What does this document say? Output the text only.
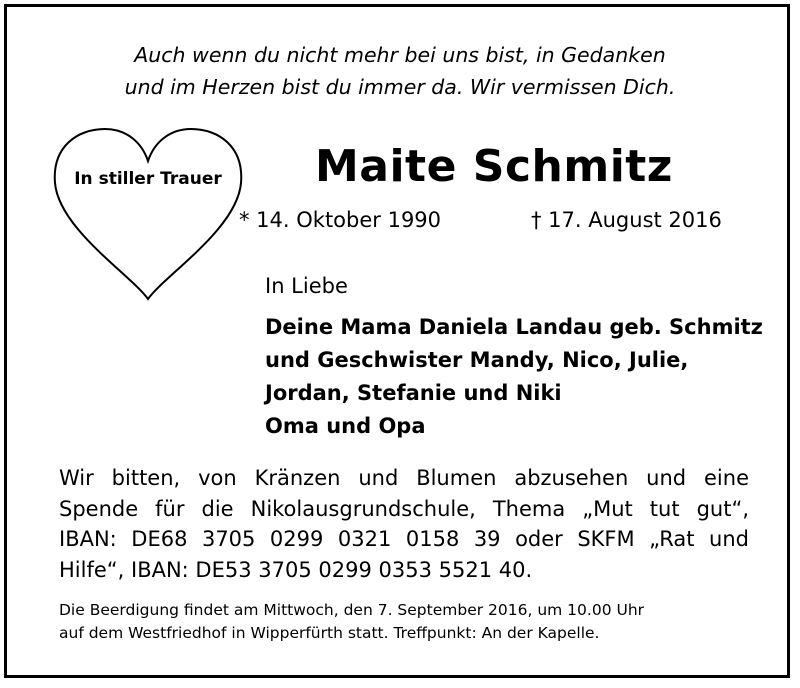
Auch wenn du nicht mehr bei uns bist, in Gedanken
und im Herzen bist du immer da. Wir vermissen Dich.
In stiller Trauer	Maite Schmitz
* 14. Oktober 1990	† 17. August 2016
In Liebe
Deine Mama Daniela Landau geb. Schmitz
und Geschwister Mandy, Nico, Julie,
Jordan, Stefanie und Niki
Oma und Opa
Wir bitten, von Kränzen und Blumen abzusehen und eine
Spende für die Nikolausgrundschule, Thema „Mut tut gut“,
IBAN: DE68 3705 0299 0321 0158 39 oder SKFM „Rat und
Hilfe“, IBAN: DE53 3705 0299 0353 5521 40.
Die Beerdigung findet am Mittwoch, den 7. September 2016, um 10.00 Uhr
auf dem Westfriedhof in Wipperfürth statt. Treffpunkt: An der Kapelle.
